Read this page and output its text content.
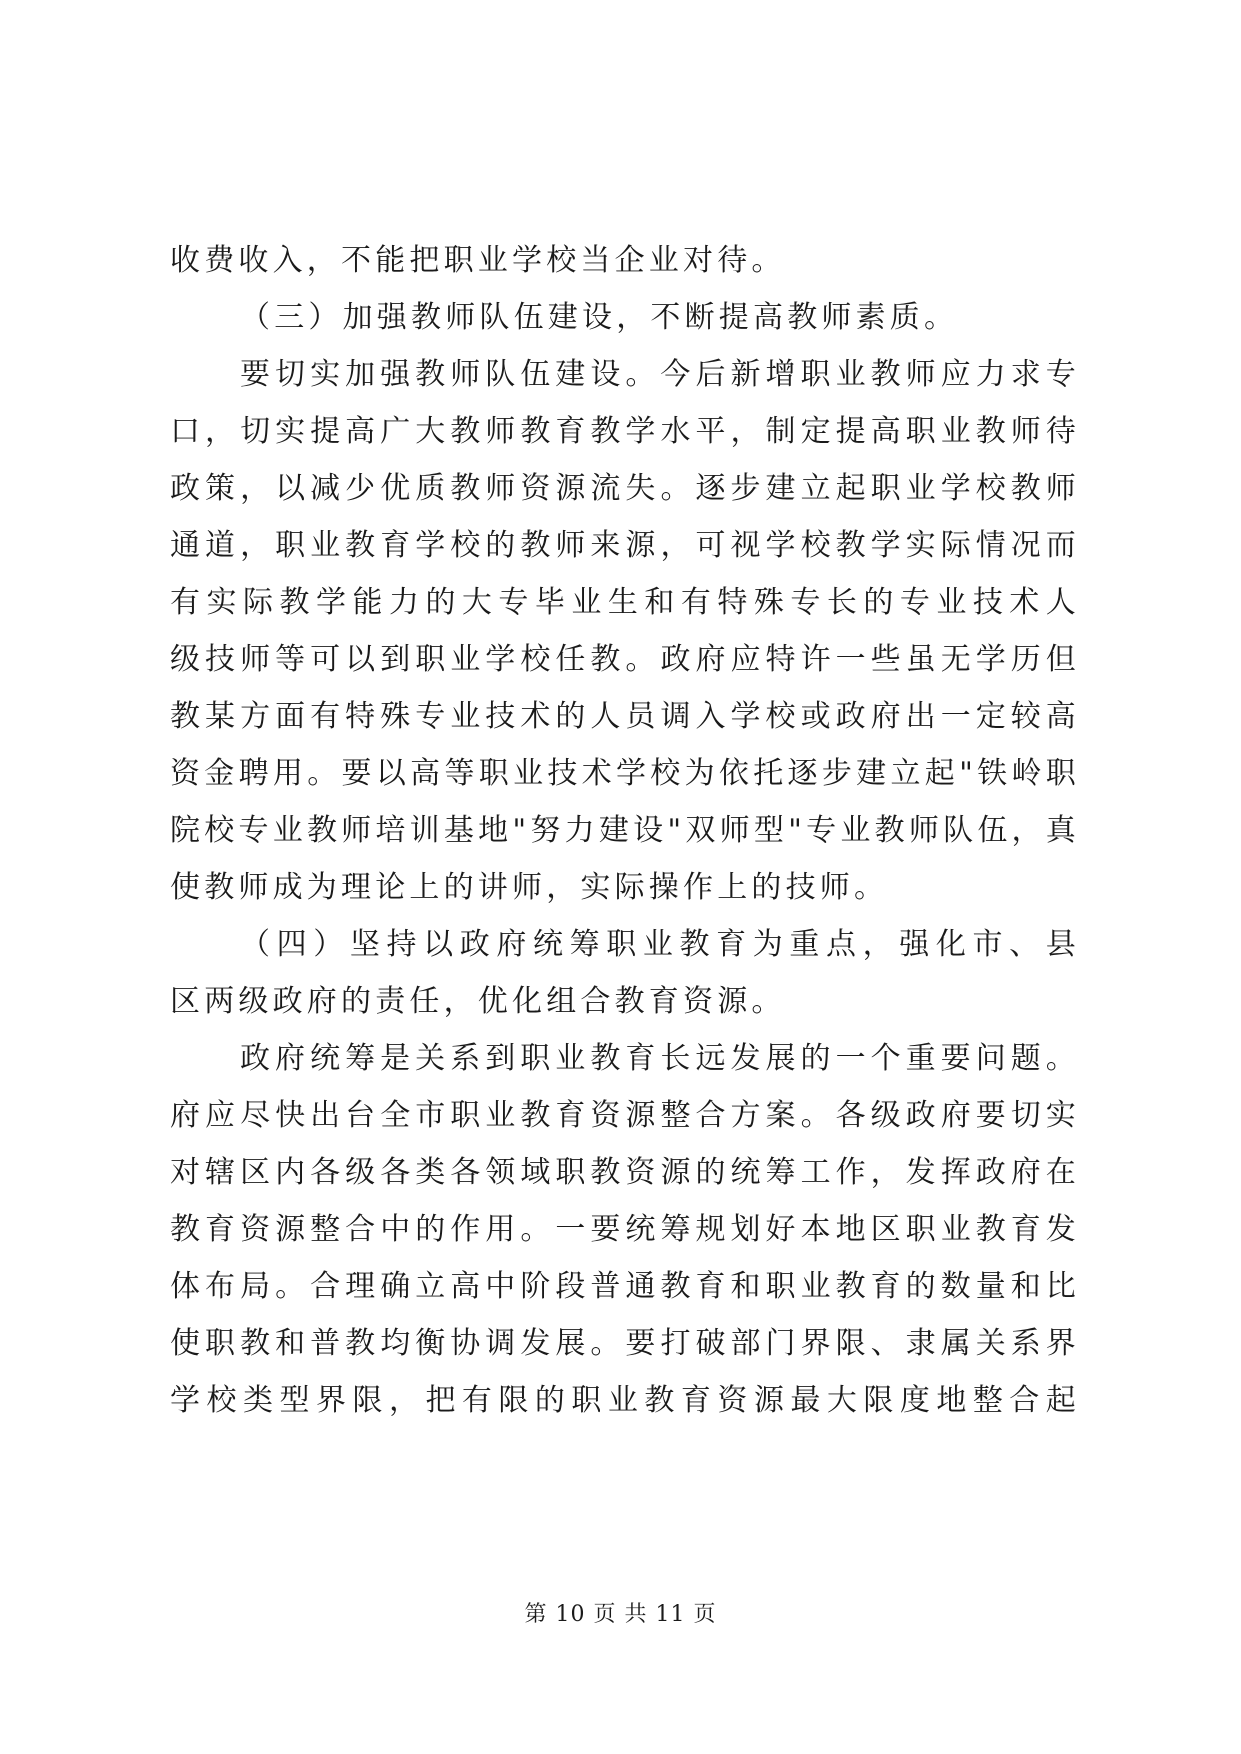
收费收入，不能把职业学校当企业对待。
（三）加强教师队伍建设，不断提高教师素质。
要切实加强教师队伍建设。今后新增职业教师应力求专
口，切实提高广大教师教育教学水平，制定提高职业教师待
政策，以减少优质教师资源流失。逐步建立起职业学校教师
通道，职业教育学校的教师来源，可视学校教学实际情况而
有实际教学能力的大专毕业生和有特殊专长的专业技术人
级技师等可以到职业学校任教。政府应特许一些虽无学历但
教某方面有特殊专业技术的人员调入学校或政府出一定较高
资金聘用。要以高等职业技术学校为依托逐步建立起"铁岭职
院校专业教师培训基地"努力建设"双师型"专业教师队伍，真
使教师成为理论上的讲师，实际操作上的技师。
（四）坚持以政府统筹职业教育为重点，强化市、县
区两级政府的责任，优化组合教育资源。
政府统筹是关系到职业教育长远发展的一个重要问题。
府应尽快出台全市职业教育资源整合方案。各级政府要切实
对辖区内各级各类各领域职教资源的统筹工作，发挥政府在
教育资源整合中的作用。一要统筹规划好本地区职业教育发
体布局。合理确立高中阶段普通教育和职业教育的数量和比
使职教和普教均衡协调发展。要打破部门界限、隶属关系界
学校类型界限，把有限的职业教育资源最大限度地整合起
第 10 页 共 11 页
